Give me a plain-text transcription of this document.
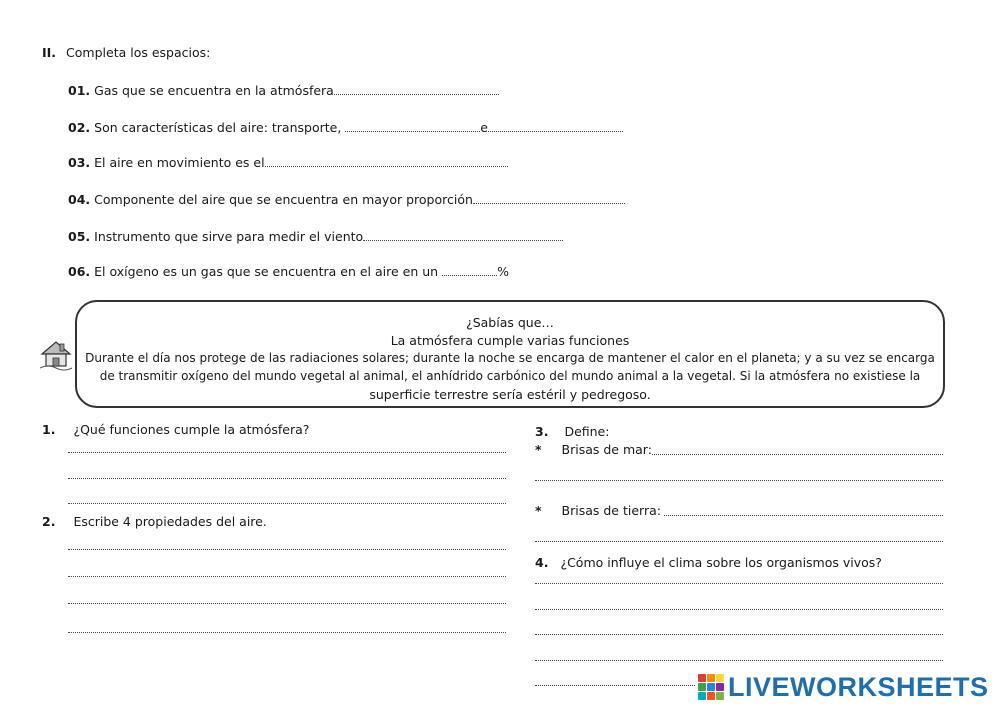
II. Completa los espacios:
01. Gas que se encuentra en la atmósfera
02. Son características del aire: transporte,	e
03. El aire en movimiento es el
04. Componente del aire que se encuentra en mayor proporción
05. Instrumento que sirve para medir el viento
06. El oxígeno es un gas que se encuentra en el aire en un	%
¿Sabías que…
La atmósfera cumple varias funciones
Durante el día nos protege de las radiaciones solares; durante la noche se encarga de mantener el calor en el planeta; y a su vez se encarga
de transmitir oxígeno del mundo vegetal al animal, el anhídrido carbónico del mundo animal a la vegetal. Si la atmósfera no existiese la
superficie terrestre sería estéril y pedregoso.
1. ¿Qué funciones cumple la atmósfera?
2. Escribe 4 propiedades del aire.
3. Define:
* Brisas de mar:
* Brisas de tierra:
4. ¿Cómo influye el clima sobre los organismos vivos?
LIVEWORKSHEETS
